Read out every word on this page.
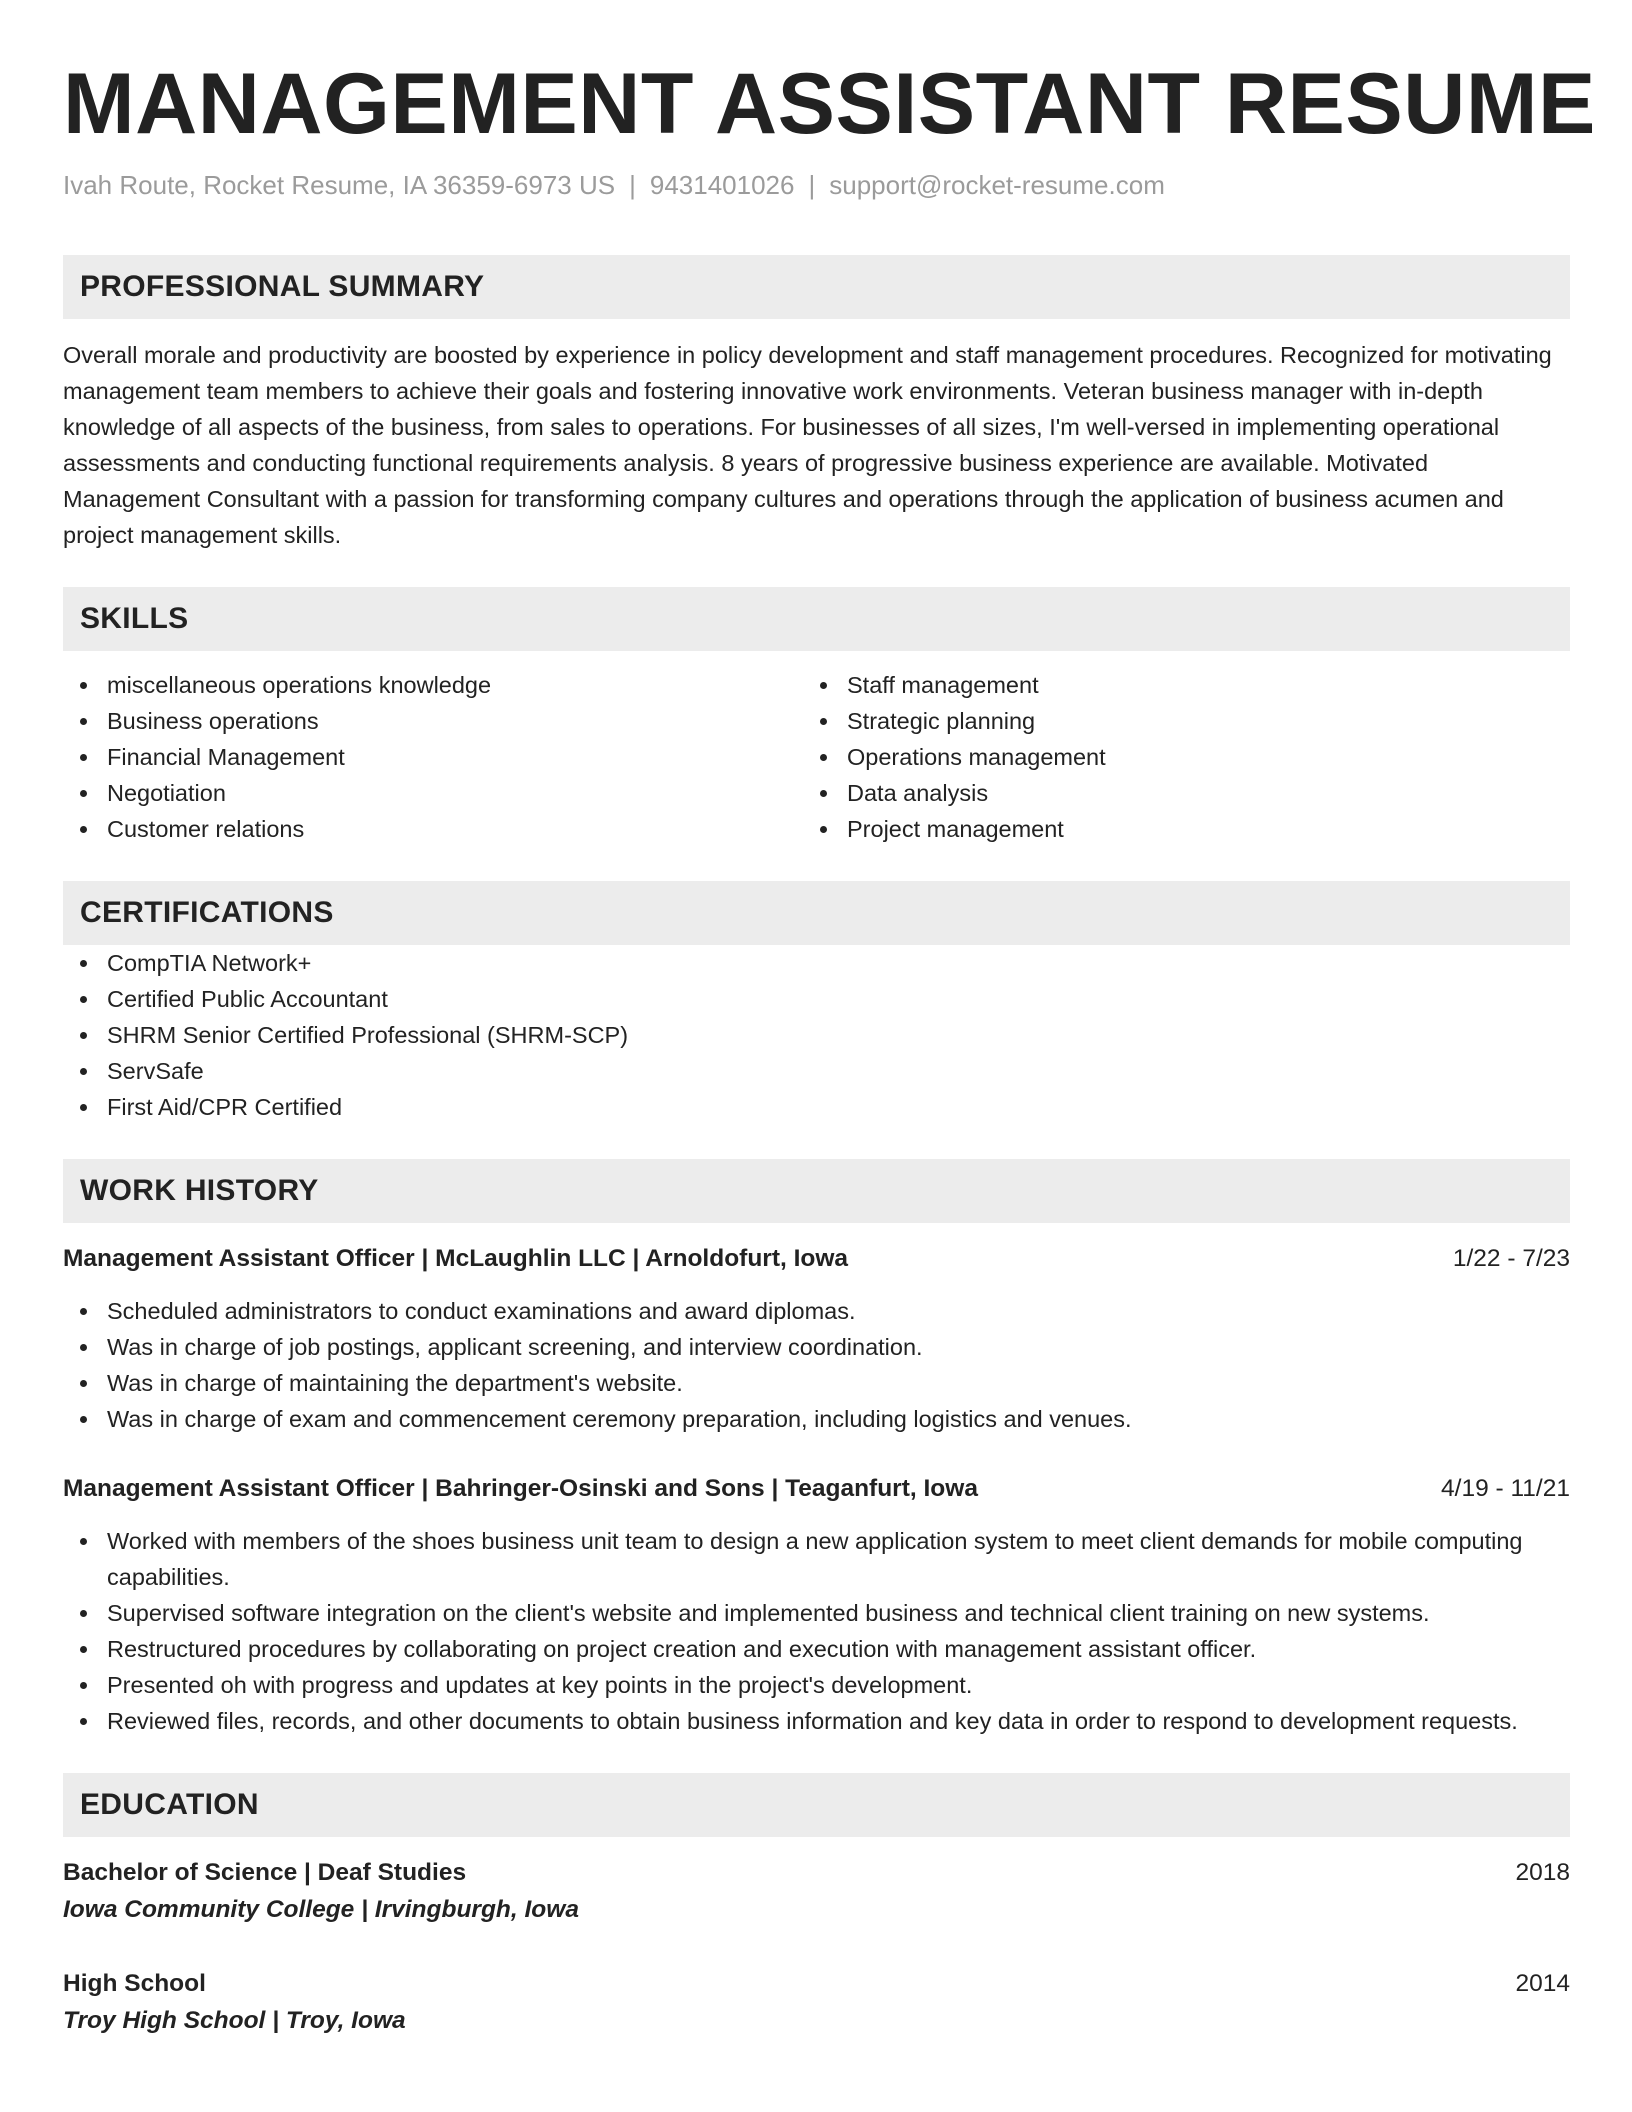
MANAGEMENT ASSISTANT RESUME
Ivah Route, Rocket Resume, IA 36359-6973 US | 9431401026 | support@rocket-resume.com
PROFESSIONAL SUMMARY

Overall morale and productivity are boosted by experience in policy development and staff management procedures. Recognized for motivating management team members to achieve their goals and fostering innovative work environments. Veteran business manager with in-depth knowledge of all aspects of the business, from sales to operations. For businesses of all sizes, I'm well-versed in implementing operational assessments and conducting functional requirements analysis. 8 years of progressive business experience are available. Motivated Management Consultant with a passion for transforming company cultures and operations through the application of business acumen and project management skills.

SKILLS
miscellaneous operations knowledge
Business operations
Financial Management
Negotiation
Customer relations
Staff management
Strategic planning
Operations management
Data analysis
Project management
CERTIFICATIONS
CompTIA Network+
Certified Public Accountant
SHRM Senior Certified Professional (SHRM-SCP)
ServSafe
First Aid/CPR Certified
WORK HISTORY
Management Assistant Officer | McLaughlin LLC | Arnoldofurt, Iowa	1/22 - 7/23
Scheduled administrators to conduct examinations and award diplomas.
Was in charge of job postings, applicant screening, and interview coordination.
Was in charge of maintaining the department's website.
Was in charge of exam and commencement ceremony preparation, including logistics and venues.
Management Assistant Officer | Bahringer-Osinski and Sons | Teaganfurt, Iowa	4/19 - 11/21
Worked with members of the shoes business unit team to design a new application system to meet client demands for mobile computing capabilities.
Supervised software integration on the client's website and implemented business and technical client training on new systems.
Restructured procedures by collaborating on project creation and execution with management assistant officer.
Presented oh with progress and updates at key points in the project's development.
Reviewed files, records, and other documents to obtain business information and key data in order to respond to development requests.
EDUCATION
Bachelor of Science | Deaf Studies	2018
Iowa Community College | Irvingburgh, Iowa
High School	2014
Troy High School | Troy, Iowa
